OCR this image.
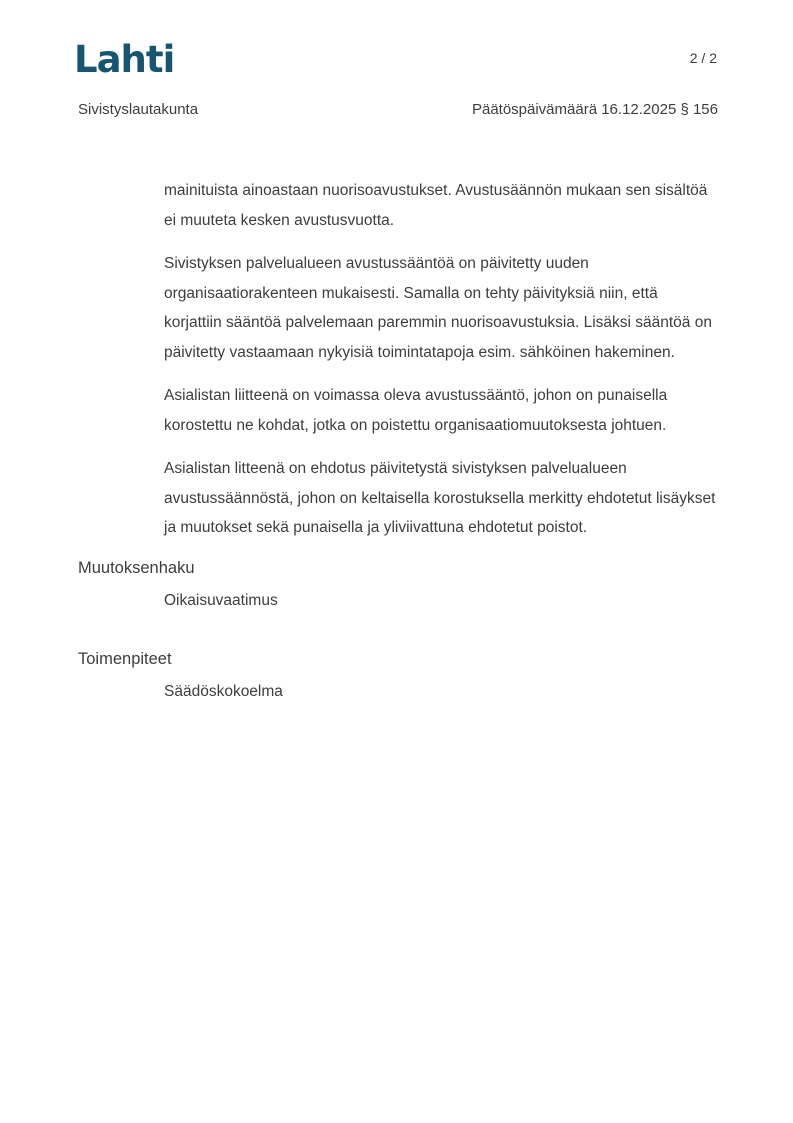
Lahti	2 / 2
Sivistyslautakunta	Päätöspäivämäärä 16.12.2025 § 156

mainituista ainoastaan nuorisoavustukset. Avustusäännön mukaan sen sisältöä ei muuteta kesken avustusvuotta.

Sivistyksen palvelualueen avustussääntöä on päivitetty uuden organisaatiorakenteen mukaisesti. Samalla on tehty päivityksiä niin, että korjattiin sääntöä palvelemaan paremmin nuorisoavustuksia. Lisäksi sääntöä on päivitetty vastaamaan nykyisiä toimintatapoja esim. sähköinen hakeminen.

Asialistan liitteenä on voimassa oleva avustussääntö, johon on punaisella korostettu ne kohdat, jotka on poistettu organisaatiomuutoksesta johtuen.

Asialistan litteenä on ehdotus päivitetystä sivistyksen palvelualueen avustussäännöstä, johon on keltaisella korostuksella merkitty ehdotetut lisäykset ja muutokset sekä punaisella ja yliviivattuna ehdotetut poistot.

Muutoksenhaku
Oikaisuvaatimus
Toimenpiteet
Säädöskokoelma
